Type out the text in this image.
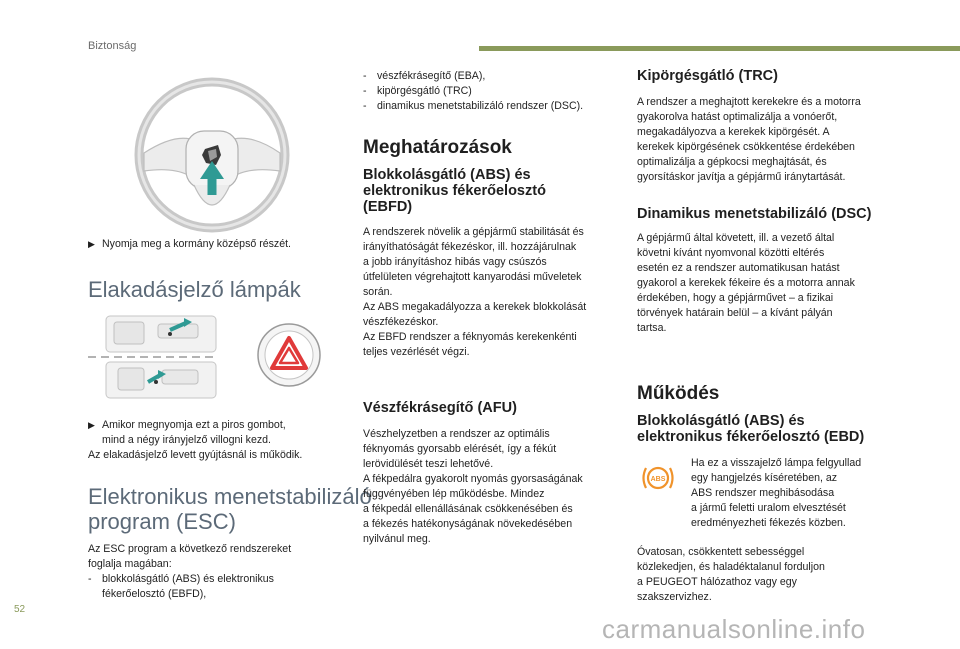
Biztonság
▶ Nyomja meg a kormány középső részét.
Elakadásjelző lámpák
▶ Amikor megnyomja ezt a piros gombot,

mind a négy irányjelző villogni kezd.

Az elakadásjelző levett gyújtásnál is működik.

Elektronikus menetstabilizáló
program (ESC)

Az ESC program a következő rendszereket

foglalja magában:

- blokkolásgátló (ABS) és elektronikus

fékerőelosztó (EBFD),

52
- vészfékrásegítő (EBA),
- kipörgésgátló (TRC)
- dinamikus menetstabilizáló rendszer (DSC).
Meghatározások
Blokkolásgátló (ABS) és
elektronikus fékerőelosztó
(EBFD)

A rendszerek növelik a gépjármű stabilitását és

irányíthatóságát fékezéskor, ill. hozzájárulnak

a jobb irányításhoz hibás vagy csúszós

útfelületen végrehajtott kanyarodási műveletek

során.

Az ABS megakadályozza a kerekek blokkolását

vészfékezéskor.

Az EBFD rendszer a féknyomás kerekenkénti

teljes vezérlését végzi.

Vészfékrásegítő (AFU)

Vészhelyzetben a rendszer az optimális

féknyomás gyorsabb elérését, így a fékút

lerövidülését teszi lehetővé.

A fékpedálra gyakorolt nyomás gyorsaságának

függvényében lép működésbe. Mindez

a fékpedál ellenállásának csökkenésében és

a fékezés hatékonyságának növekedésében

nyilvánul meg.

Kipörgésgátló (TRC)

A rendszer a meghajtott kerekekre és a motorra

gyakorolva hatást optimalizálja a vonóerőt,

megakadályozva a kerekek kipörgését. A

kerekek kipörgésének csökkentése érdekében

optimalizálja a gépkocsi meghajtását, és

gyorsításkor javítja a gépjármű iránytartását.

Dinamikus menetstabilizáló (DSC)

A gépjármű által követett, ill. a vezető által

követni kívánt nyomvonal közötti eltérés

esetén ez a rendszer automatikusan hatást

gyakorol a kerekek fékeire és a motorra annak

érdekében, hogy a gépjárművet – a fizikai

törvények határain belül – a kívánt pályán

tartsa.

Működés
Blokkolásgátló (ABS) és
elektronikus fékerőelosztó (EBD)
ABS

Ha ez a visszajelző lámpa felgyullad

egy hangjelzés kíséretében, az

ABS rendszer meghibásodása

a jármű feletti uralom elvesztését

eredményezheti fékezés közben.

Óvatosan, csökkentett sebességgel

közlekedjen, és haladéktalanul forduljon

a PEUGEOT hálózathoz vagy egy

szakszervizhez.

carmanualsonline.info
